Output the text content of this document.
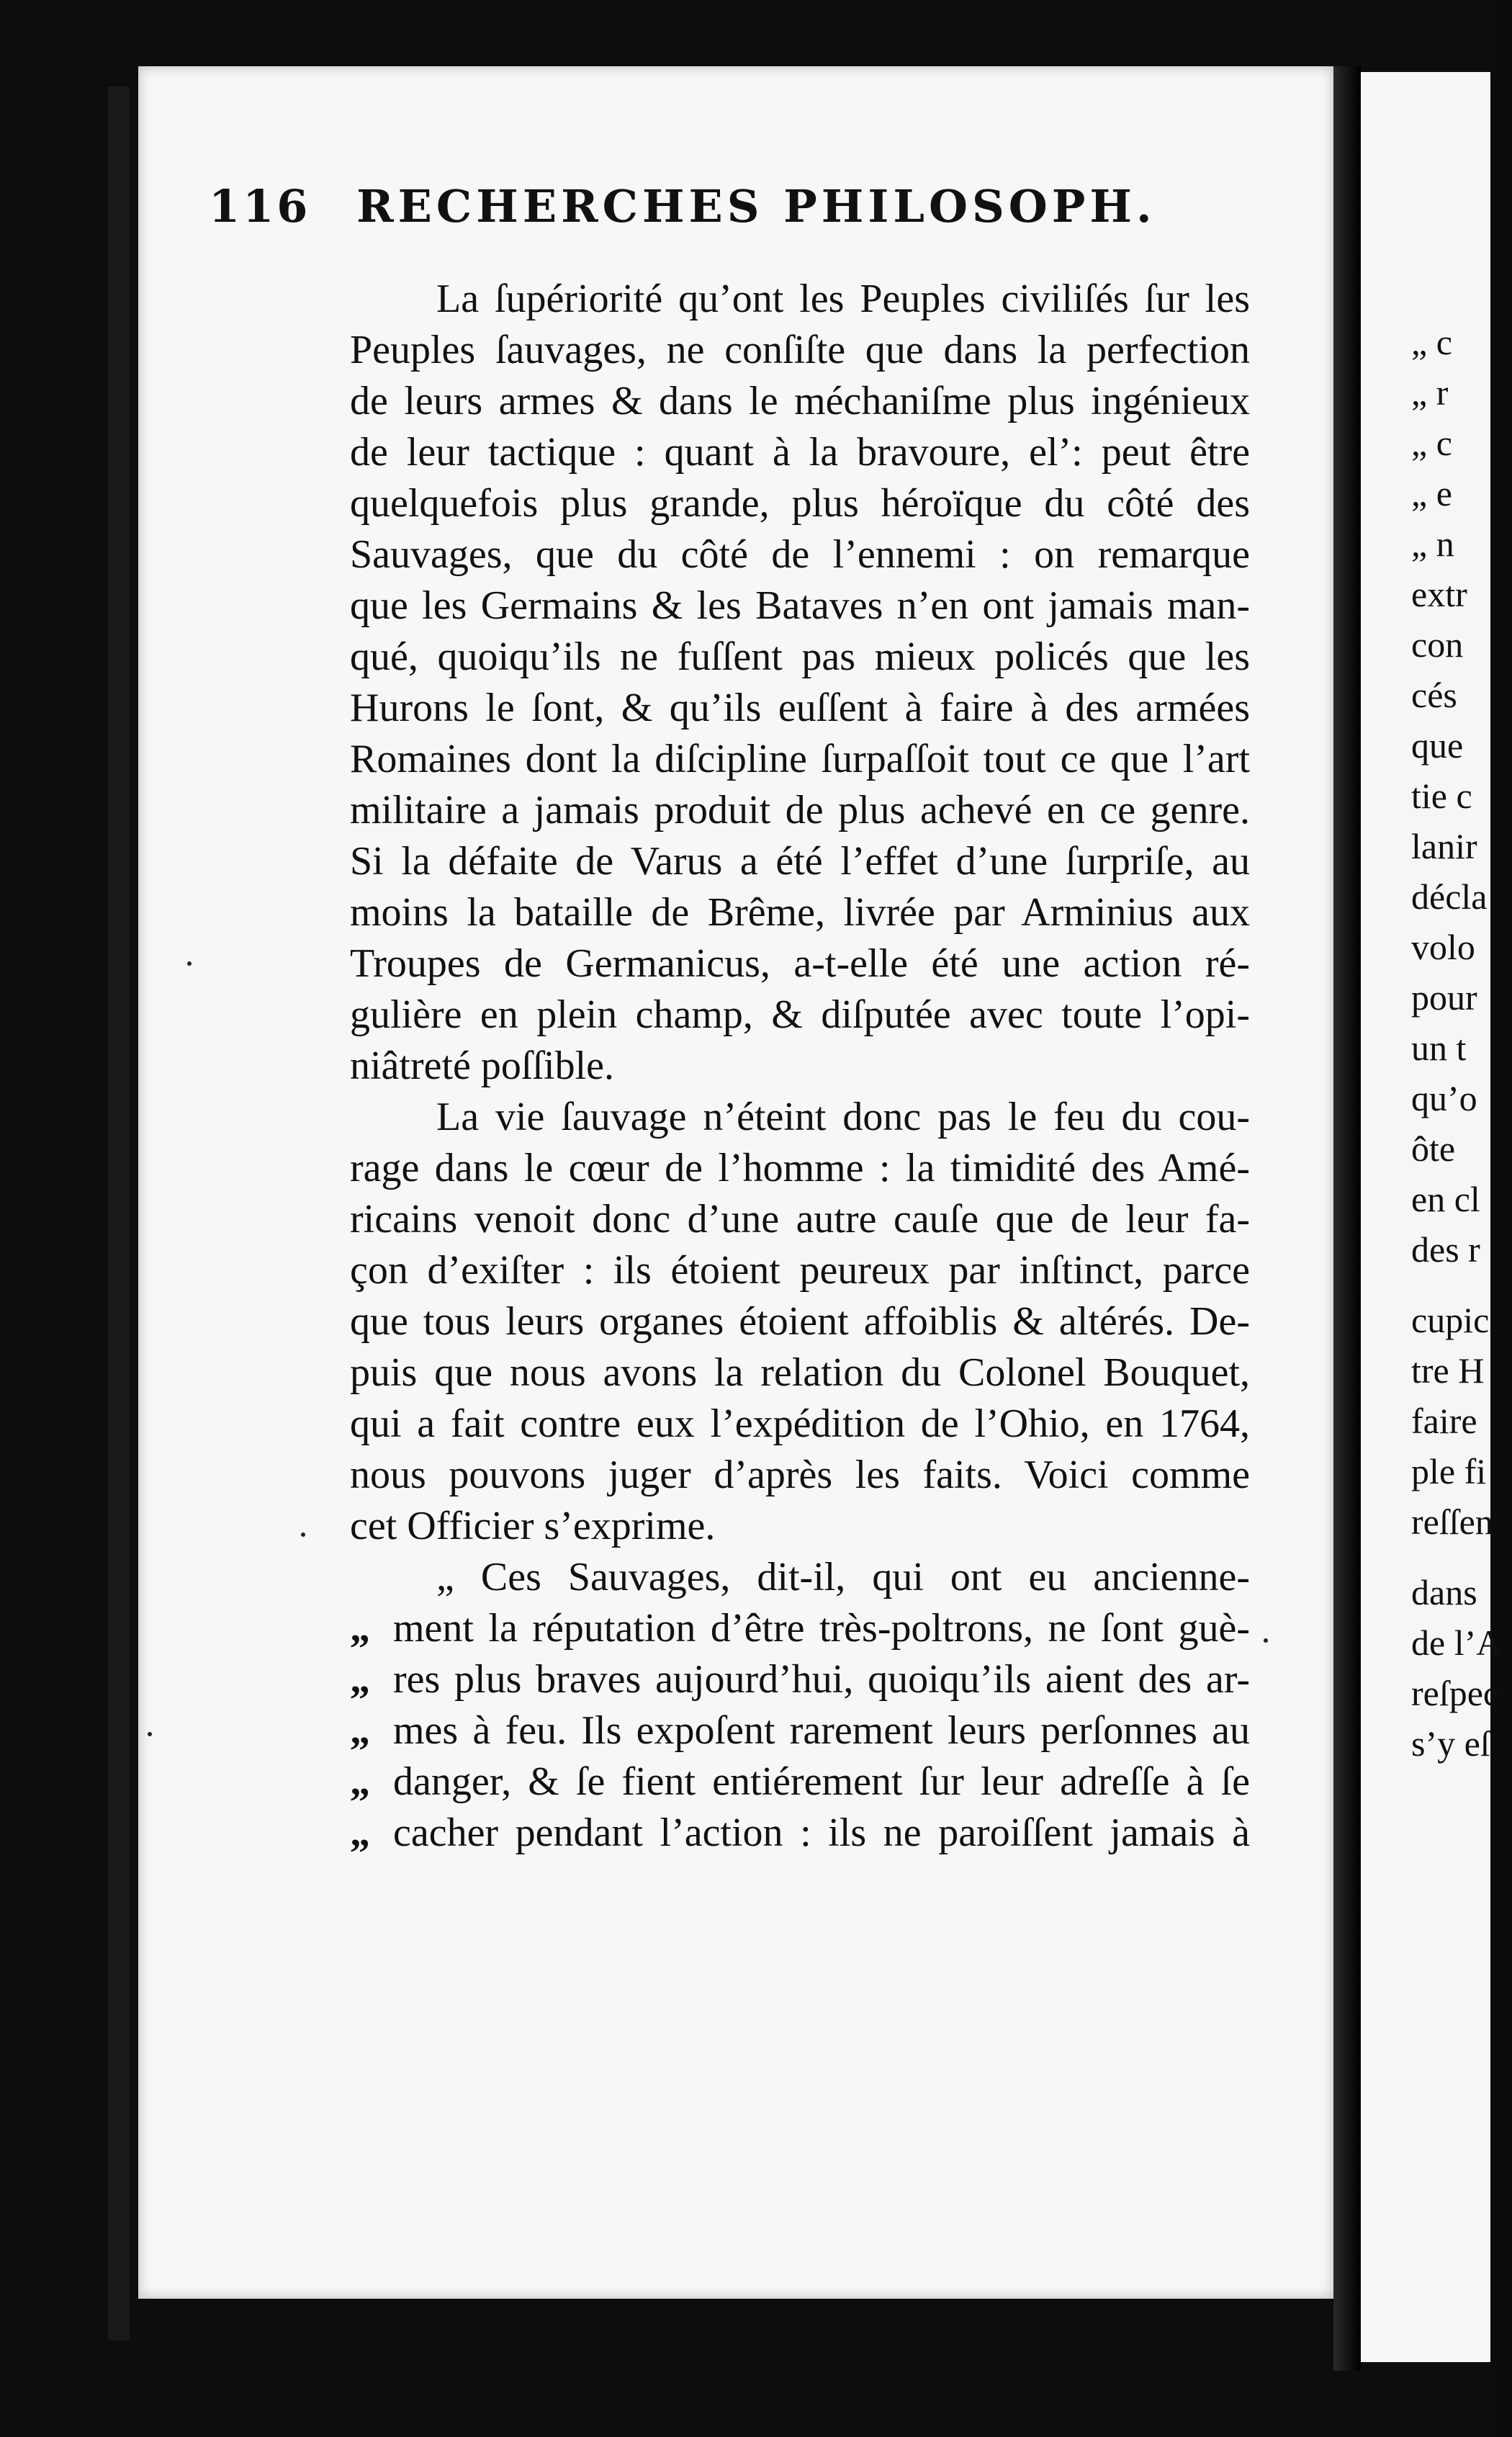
116 RECHERCHES PHILOSOPH.
La ſupériorité qu’ont les Peuples civiliſés ſur les
Peuples ſauvages, ne conſiſte que dans la perfection
de leurs armes & dans le méchaniſme plus ingénieux
de leur tactique : quant à la bravoure, el’: peut être
quelquefois plus grande, plus héroïque du côté des
Sauvages, que du côté de l’ennemi : on remarque
que les Germains & les Bataves n’en ont jamais man-
qué, quoiqu’ils ne fuſſent pas mieux policés que les
Hurons le ſont, & qu’ils euſſent à faire à des armées
Romaines dont la diſcipline ſurpaſſoit tout ce que l’art
militaire a jamais produit de plus achevé en ce genre.
Si la défaite de Varus a été l’effet d’une ſurpriſe, au
moins la bataille de Brême, livrée par Arminius aux
Troupes de Germanicus, a-t-elle été une action ré-
gulière en plein champ, & diſputée avec toute l’opi-
niâtreté poſſible.
La vie ſauvage n’éteint donc pas le feu du cou-
rage dans le cœur de l’homme : la timidité des Amé-
ricains venoit donc d’une autre cauſe que de leur fa-
çon d’exiſter : ils étoient peureux par inſtinct, parce
que tous leurs organes étoient affoiblis & altérés. De-
puis que nous avons la relation du Colonel Bouquet,
qui a fait contre eux l’expédition de l’Ohio, en 1764,
nous pouvons juger d’après les faits. Voici comme
cet Officier s’exprime.
„ Ces Sauvages, dit-il, qui ont eu ancienne-
„ ment la réputation d’être très-poltrons, ne ſont guè-
„ res plus braves aujourd’hui, quoiqu’ils aient des ar-
„ mes à feu. Ils expoſent rarement leurs perſonnes au
„ danger, & ſe fient entiérement ſur leur adreſſe à ſe
„ cacher pendant l’action : ils ne paroiſſent jamais à
„ c
„ r
„ c
„ e
„ n
extr
con
cés
que
tie c
lanir
décla
volo
pour
un t
qu’o
ôte
en cl
des r
cupic
tre H
faire
ple fi
reſſen
dans
de l’A
reſpec
s’y eſ
